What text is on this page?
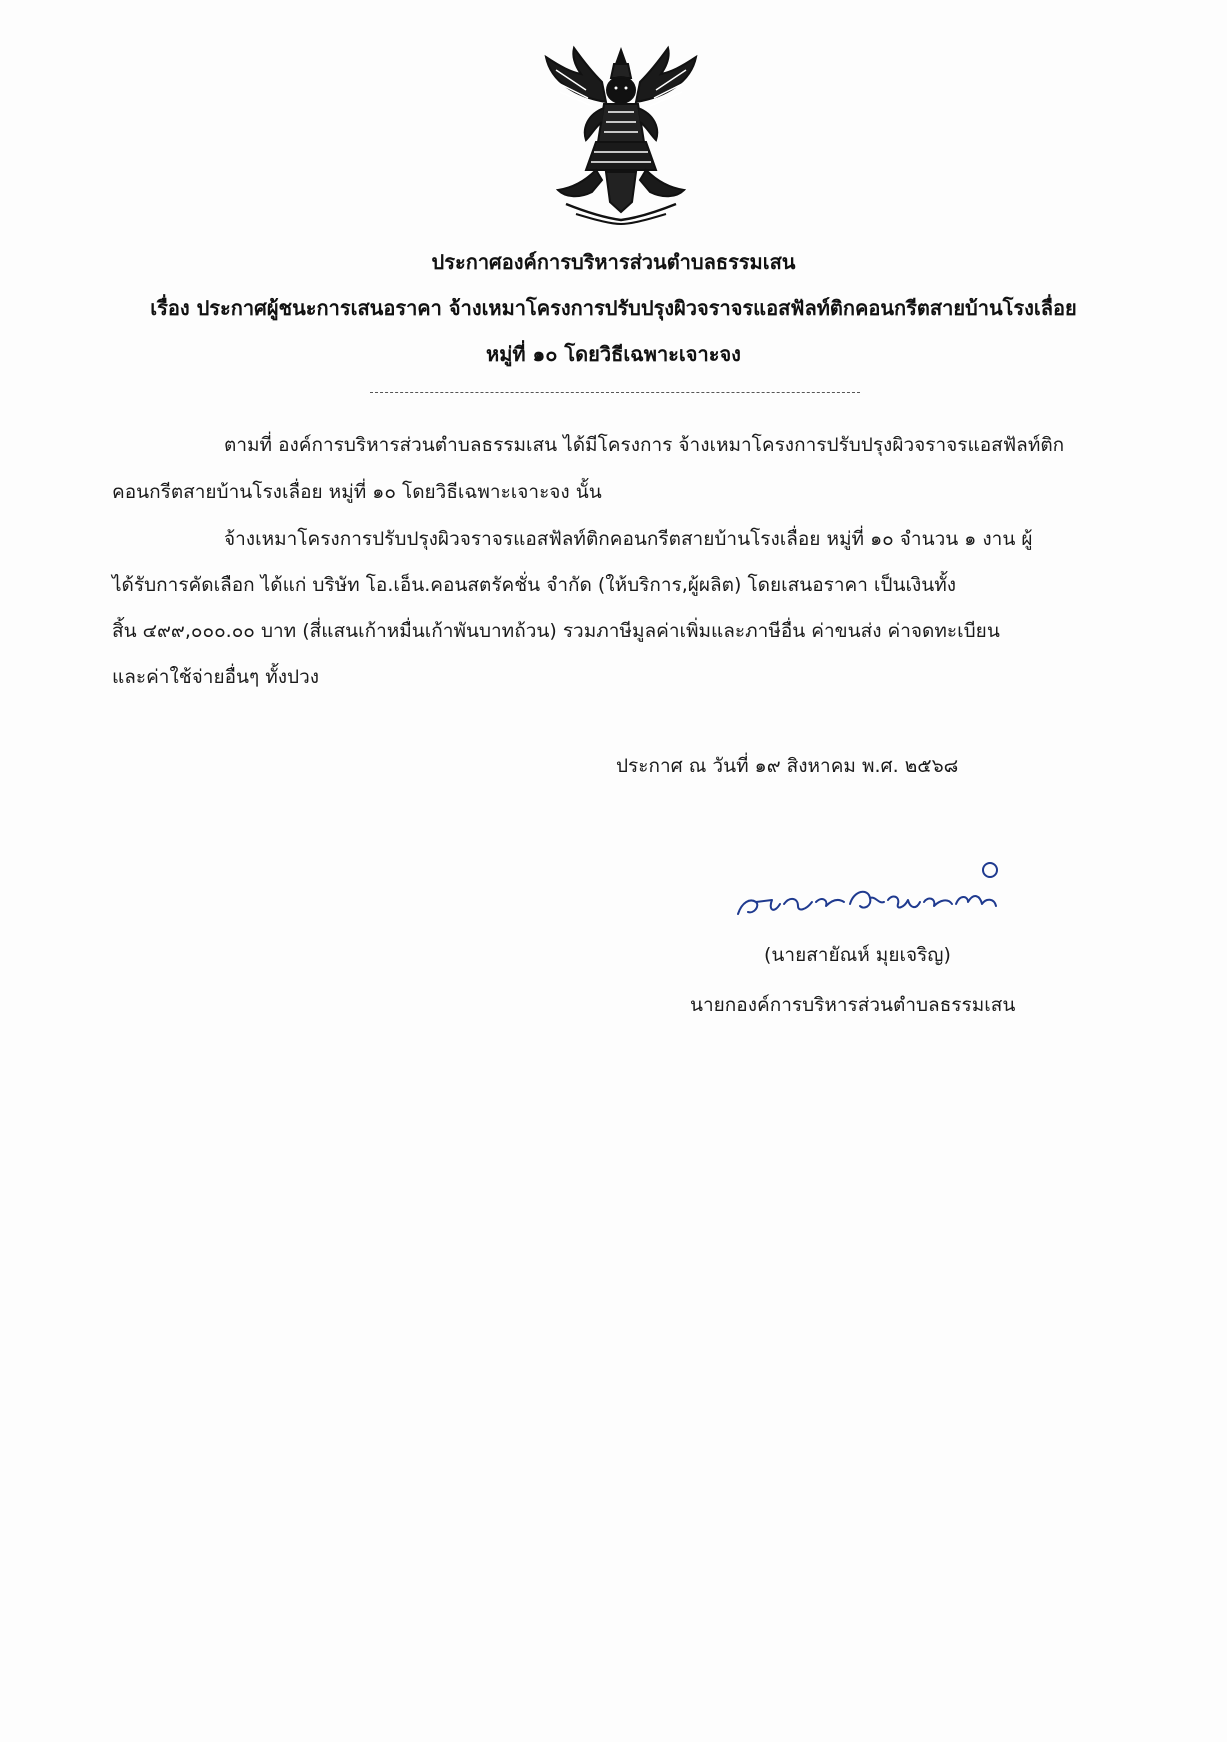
ประกาศองค์การบริหารส่วนตำบลธรรมเสน
เรื่อง ประกาศผู้ชนะการเสนอราคา จ้างเหมาโครงการปรับปรุงผิวจราจรแอสฟัลท์ติกคอนกรีตสายบ้านโรงเลื่อย
หมู่ที่ ๑๐ โดยวิธีเฉพาะเจาะจง
ตามที่ องค์การบริหารส่วนตำบลธรรมเสน ได้มีโครงการ จ้างเหมาโครงการปรับปรุงผิวจราจรแอสฟัลท์ติก
คอนกรีตสายบ้านโรงเลื่อย หมู่ที่ ๑๐ โดยวิธีเฉพาะเจาะจง นั้น
จ้างเหมาโครงการปรับปรุงผิวจราจรแอสฟัลท์ติกคอนกรีตสายบ้านโรงเลื่อย หมู่ที่ ๑๐ จำนวน ๑ งาน ผู้
ได้รับการคัดเลือก ได้แก่ บริษัท โอ.เอ็น.คอนสตรัคชั่น จำกัด (ให้บริการ,ผู้ผลิต) โดยเสนอราคา เป็นเงินทั้ง
สิ้น ๔๙๙,๐๐๐.๐๐ บาท (สี่แสนเก้าหมื่นเก้าพันบาทถ้วน) รวมภาษีมูลค่าเพิ่มและภาษีอื่น ค่าขนส่ง ค่าจดทะเบียน
และค่าใช้จ่ายอื่นๆ ทั้งปวง
ประกาศ ณ วันที่ ๑๙ สิงหาคม พ.ศ. ๒๕๖๘
(นายสายัณห์ มุยเจริญ)
นายกองค์การบริหารส่วนตำบลธรรมเสน
